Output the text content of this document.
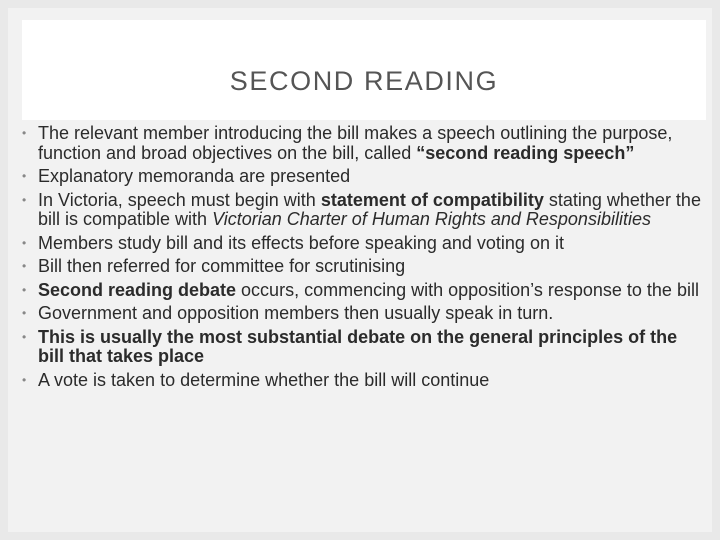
SECOND READING
• The relevant member introducing the bill makes a speech outlining the purpose, function and broad objectives on the bill, called “second reading speech”
• Explanatory memoranda are presented
• In Victoria, speech must begin with statement of compatibility stating whether the bill is compatible with Victorian Charter of Human Rights and Responsibilities
• Members study bill and its effects before speaking and voting on it
• Bill then referred for committee for scrutinising
• Second reading debate occurs, commencing with opposition’s response to the bill
• Government and opposition members then usually speak in turn.
• This is usually the most substantial debate on the general principles of the bill that takes place
• A vote is taken to determine whether the bill will continue
